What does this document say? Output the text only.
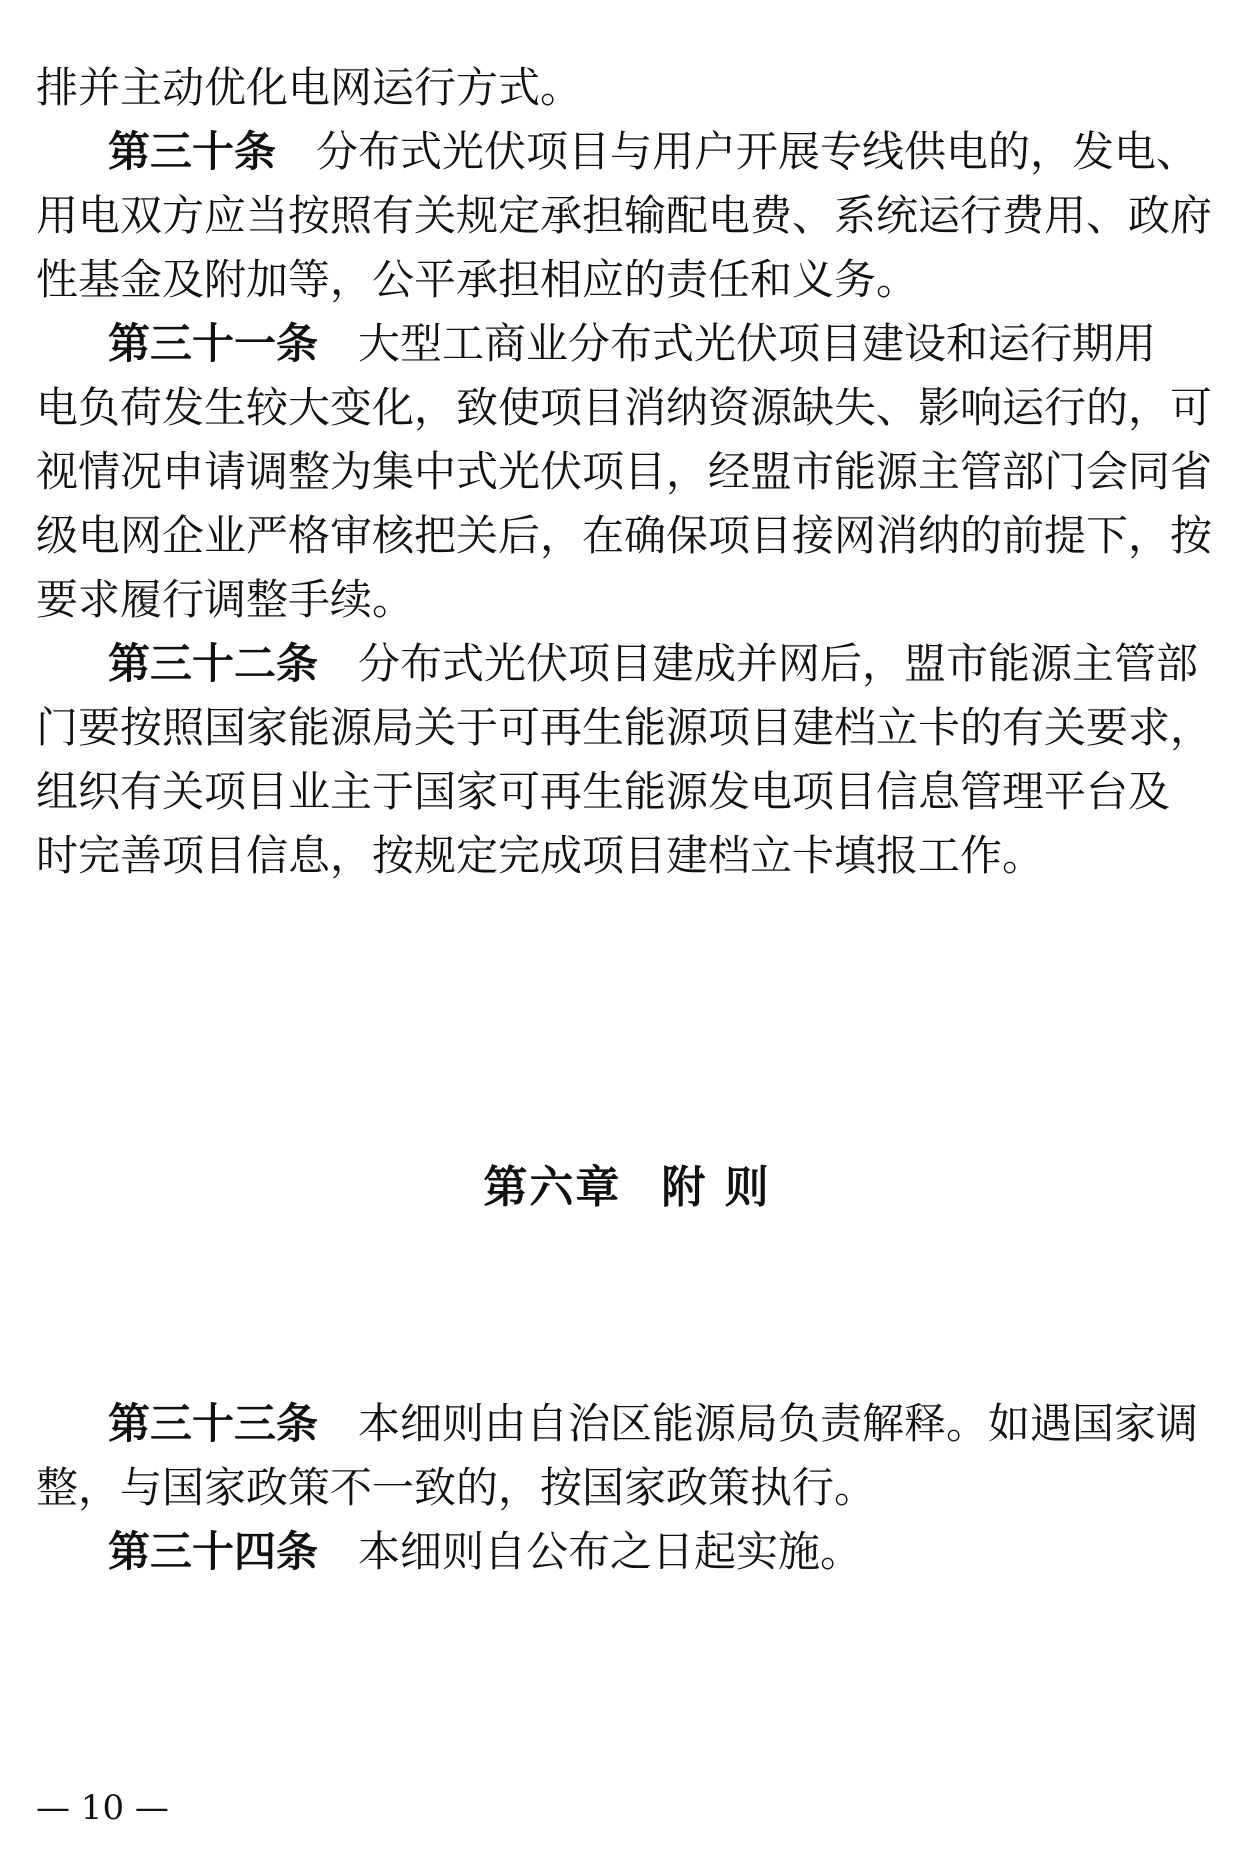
排并主动优化电网运行方式。
第三十条 分布式光伏项目与用户开展专线供电的，发电、
用电双方应当按照有关规定承担输配电费、系统运行费用、政府
性基金及附加等，公平承担相应的责任和义务。
第三十一条 大型工商业分布式光伏项目建设和运行期用
电负荷发生较大变化，致使项目消纳资源缺失、影响运行的，可
视情况申请调整为集中式光伏项目，经盟市能源主管部门会同省
级电网企业严格审核把关后，在确保项目接网消纳的前提下，按
要求履行调整手续。
第三十二条 分布式光伏项目建成并网后，盟市能源主管部
门要按照国家能源局关于可再生能源项目建档立卡的有关要求，
组织有关项目业主于国家可再生能源发电项目信息管理平台及
时完善项目信息，按规定完成项目建档立卡填报工作。
第六章 附 则
第三十三条 本细则由自治区能源局负责解释。如遇国家调
整，与国家政策不一致的，按国家政策执行。
第三十四条 本细则自公布之日起实施。
— 10 —
